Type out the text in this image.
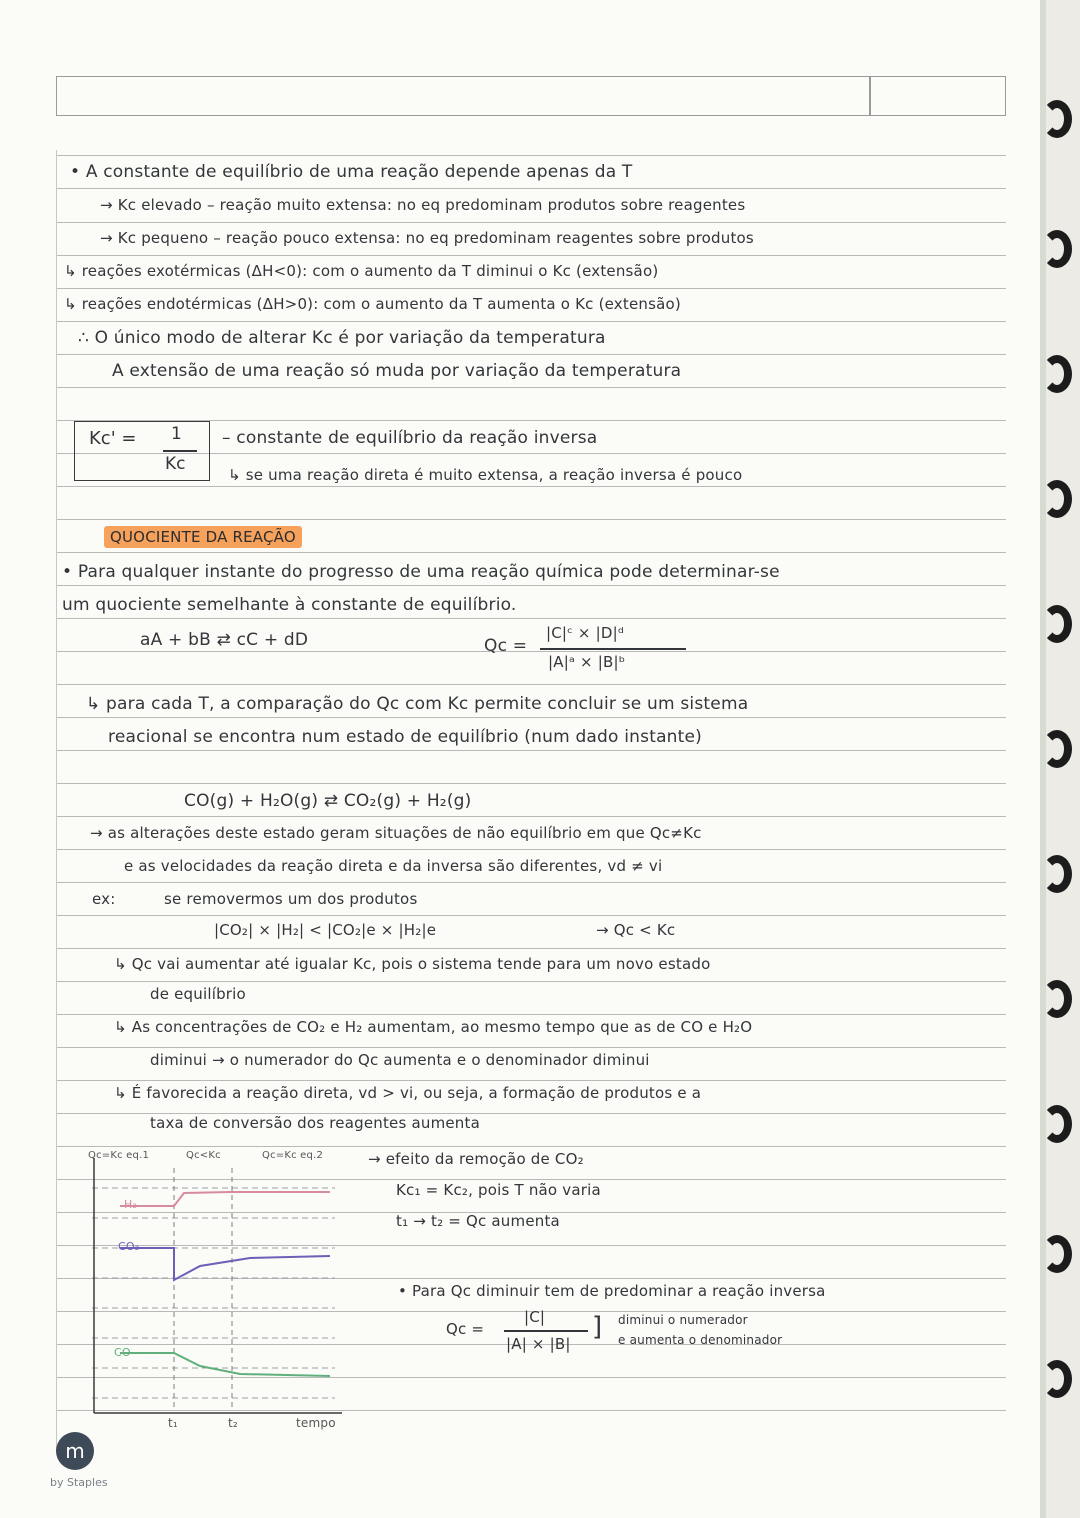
• A constante de equilíbrio de uma reação depende apenas da T
→ Kc elevado – reação muito extensa: no eq predominam produtos sobre reagentes
→ Kc pequeno – reação pouco extensa: no eq predominam reagentes sobre produtos
↳ reações exotérmicas (ΔH<0): com o aumento da T diminui o Kc (extensão)
↳ reações endotérmicas (ΔH>0): com o aumento da T aumenta o Kc (extensão)
∴ O único modo de alterar Kc é por variação da temperatura
A extensão de uma reação só muda por variação da temperatura
Kc' = 1
Kc
– constante de equilíbrio da reação inversa
↳ se uma reação direta é muito extensa, a reação inversa é pouco
QUOCIENTE DA REAÇÃO
• Para qualquer instante do progresso de uma reação química pode determinar-se
um quociente semelhante à constante de equilíbrio.
aA + bB ⇄ cC + dD	Qc =
|C|ᶜ × |D|ᵈ
|A|ᵃ × |B|ᵇ
↳ para cada T, a comparação do Qc com Kc permite concluir se um sistema
reacional se encontra num estado de equilíbrio (num dado instante)
CO(g) + H₂O(g) ⇄ CO₂(g) + H₂(g)
→ as alterações deste estado geram situações de não equilíbrio em que Qc≠Kc
e as velocidades da reação direta e da inversa são diferentes, vd ≠ vi
ex:	se removermos um dos produtos
|CO₂| × |H₂| < |CO₂|e × |H₂|e	→ Qc < Kc
↳ Qc vai aumentar até igualar Kc, pois o sistema tende para um novo estado
de equilíbrio
↳ As concentrações de CO₂ e H₂ aumentam, ao mesmo tempo que as de CO e H₂O
diminui → o numerador do Qc aumenta e o denominador diminui
↳ É favorecida a reação direta, vd > vi, ou seja, a formação de produtos e a
taxa de conversão dos reagentes aumenta
Qc=Kc eq.1	Qc<Kc	Qc=Kc eq.2
H₂
CO₂
CO
t₁	t₂	tempo
→ efeito da remoção de CO₂
Kc₁ = Kc₂, pois T não varia
t₁ → t₂ = Qc aumenta
• Para Qc diminuir tem de predominar a reação inversa
Qc =
|C|
|A| × |B|
] diminui o numerador
e aumenta o denominador
m
by Staples
